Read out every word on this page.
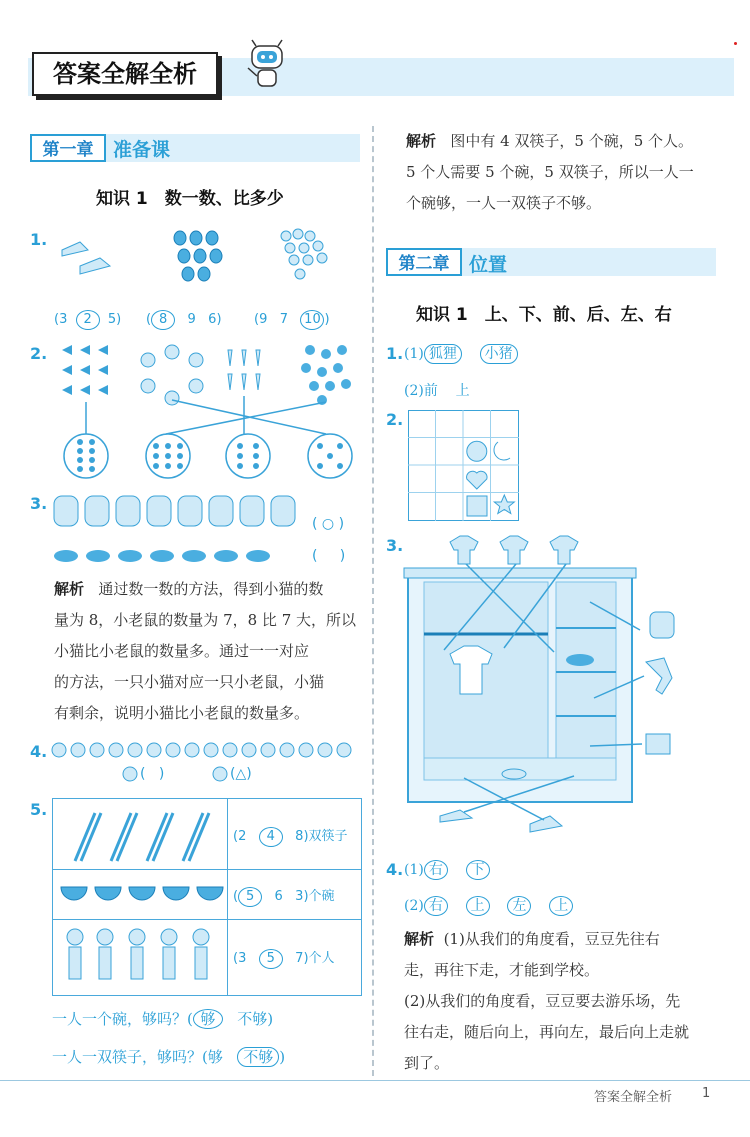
答案全解全析
第一章	准备课
知识 1　数一数、比多少
1.
(3 2 5) ( 8 9 6) (9 7 10 )
2.
3.
( ○ )
(     )
解析 通过数一数的方法，得到小猫的数
量为 8，小老鼠的数量为 7，8 比 7 大，所以
小猫比小老鼠的数量多。通过一一对应
的方法，一只小猫对应一只小老鼠，小猫
有剩余，说明小猫比小老鼠的数量多。
4.
(   )	(△)
5.
(2 4 8)双筷子
( 5 6 3)个碗
(3 5 7)个人
一人一个碗，够吗？( 够 不够)
一人一双筷子，够吗？(够 不够 )
解析 图中有 4 双筷子，5 个碗，5 个人。
5 个人需要 5 个碗，5 双筷子，所以一人一
个碗够，一人一双筷子不够。
第二章	位置
知识 1　上、下、前、后、左、右
1. (1) 狐狸 小猪
(2)前 上
2.
3.
4. (1) 右 下
(2) 右 上 左 上
解析 (1)从我们的角度看，豆豆先往右
走，再往下走，才能到学校。
(2)从我们的角度看，豆豆要去游乐场，先
往右走，随后向上，再向左，最后向上走就
到了。
答案全解全析 1
